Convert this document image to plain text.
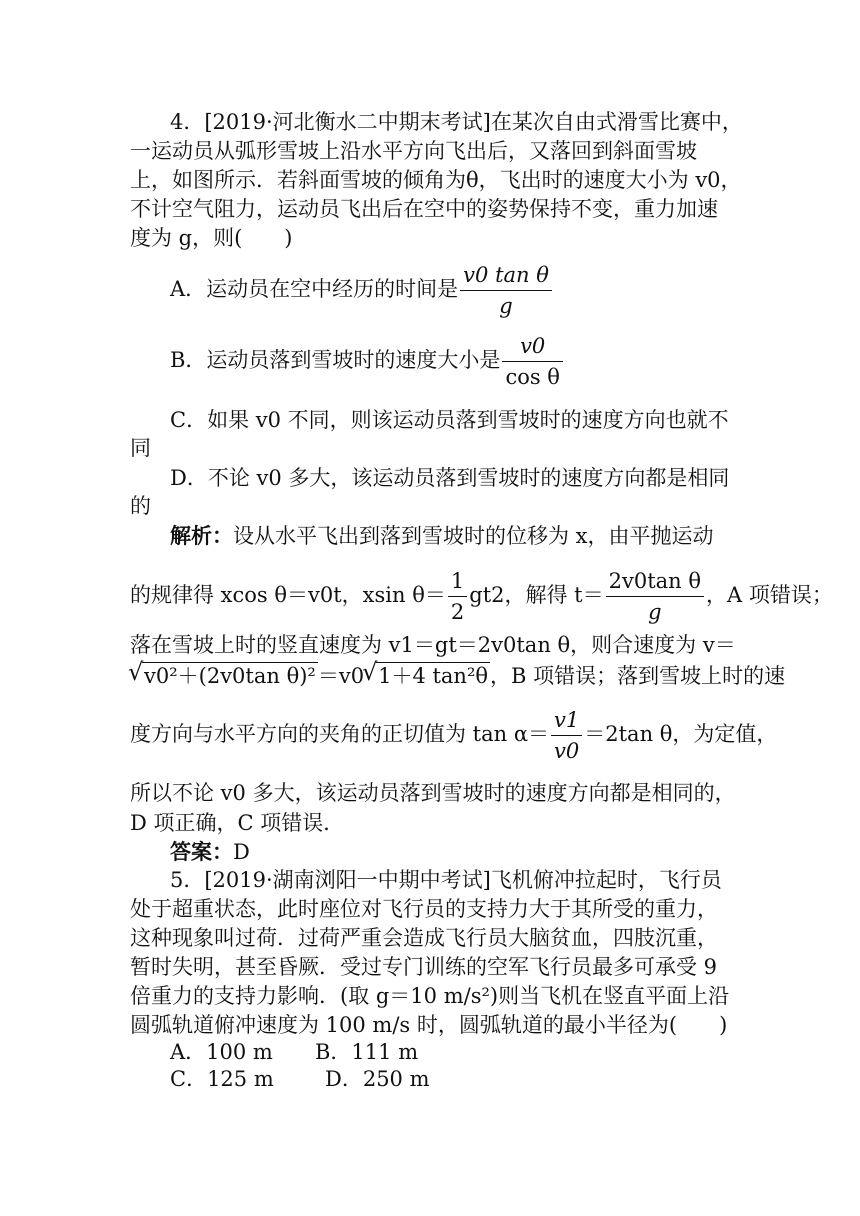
4．[2019·河北衡水二中期末考试]在某次自由式滑雪比赛中，
一运动员从弧形雪坡上沿水平方向飞出后，又落回到斜面雪坡
上，如图所示．若斜面雪坡的倾角为θ，飞出时的速度大小为 v0，
不计空气阻力，运动员飞出后在空中的姿势保持不变，重力加速
度为 g，则(　　)
A．运动员在空中经历的时间是 $\frac{\text{v0 tan θ}}{g}$
B．运动员落到雪坡时的速度大小是 $\frac{v0}{\text{cos θ}}$
C．如果 v0 不同，则该运动员落到雪坡时的速度方向也就不
同
D．不论 v0 多大，该运动员落到雪坡时的速度方向都是相同
的
解析：设从水平飞出到落到雪坡时的位移为 x，由平抛运动
的规律得 xcos θ＝v0t，xsin $\theta= \frac{1}{2} gt2$，解得 $t= \frac{\text{2v0tan θ}}{g}$ ，A 项错误；
落在雪坡上时的竖直速度为 v1＝gt＝2v0tan θ，则合速度为 v＝
√ v0²＋(2v0tan θ)²＝v0√ 1＋4 tan²θ，B 项错误；落到雪坡上时的速
度方向与水平方向的夹角的正切值为 $\tan \alpha= \frac{v1}{v0} =2\tan$ θ，为定值，
所以不论 v0 多大，该运动员落到雪坡时的速度方向都是相同的，
D 项正确，C 项错误．
答案：D
5．[2019·湖南浏阳一中期中考试]飞机俯冲拉起时，飞行员
处于超重状态，此时座位对飞行员的支持力大于其所受的重力，
这种现象叫过荷．过荷严重会造成飞行员大脑贫血，四肢沉重，
暂时失明，甚至昏厥．受过专门训练的空军飞行员最多可承受 9
倍重力的支持力影响．(取 g＝10 m/s²)则当飞机在竖直平面上沿
圆弧轨道俯冲速度为 100 m/s 时，圆弧轨道的最小半径为(　　)
A．100 m B．111 m
C．125 m D．250 m
